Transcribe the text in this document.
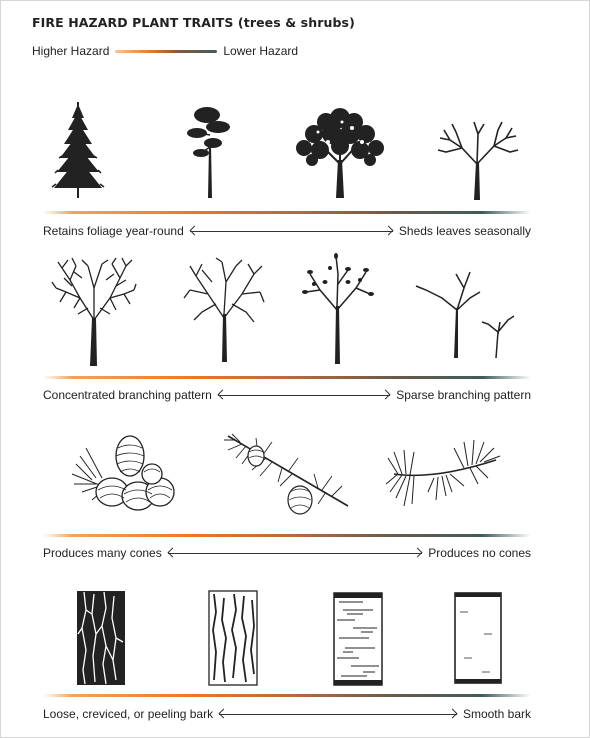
FIRE HAZARD PLANT TRAITS (trees & shrubs)
Higher Hazard	Lower Hazard
Retains foliage year-round	Sheds leaves seasonally
Concentrated branching pattern	Sparse branching pattern
Produces many cones	Produces no cones
Loose, creviced, or peeling bark	Smooth bark
